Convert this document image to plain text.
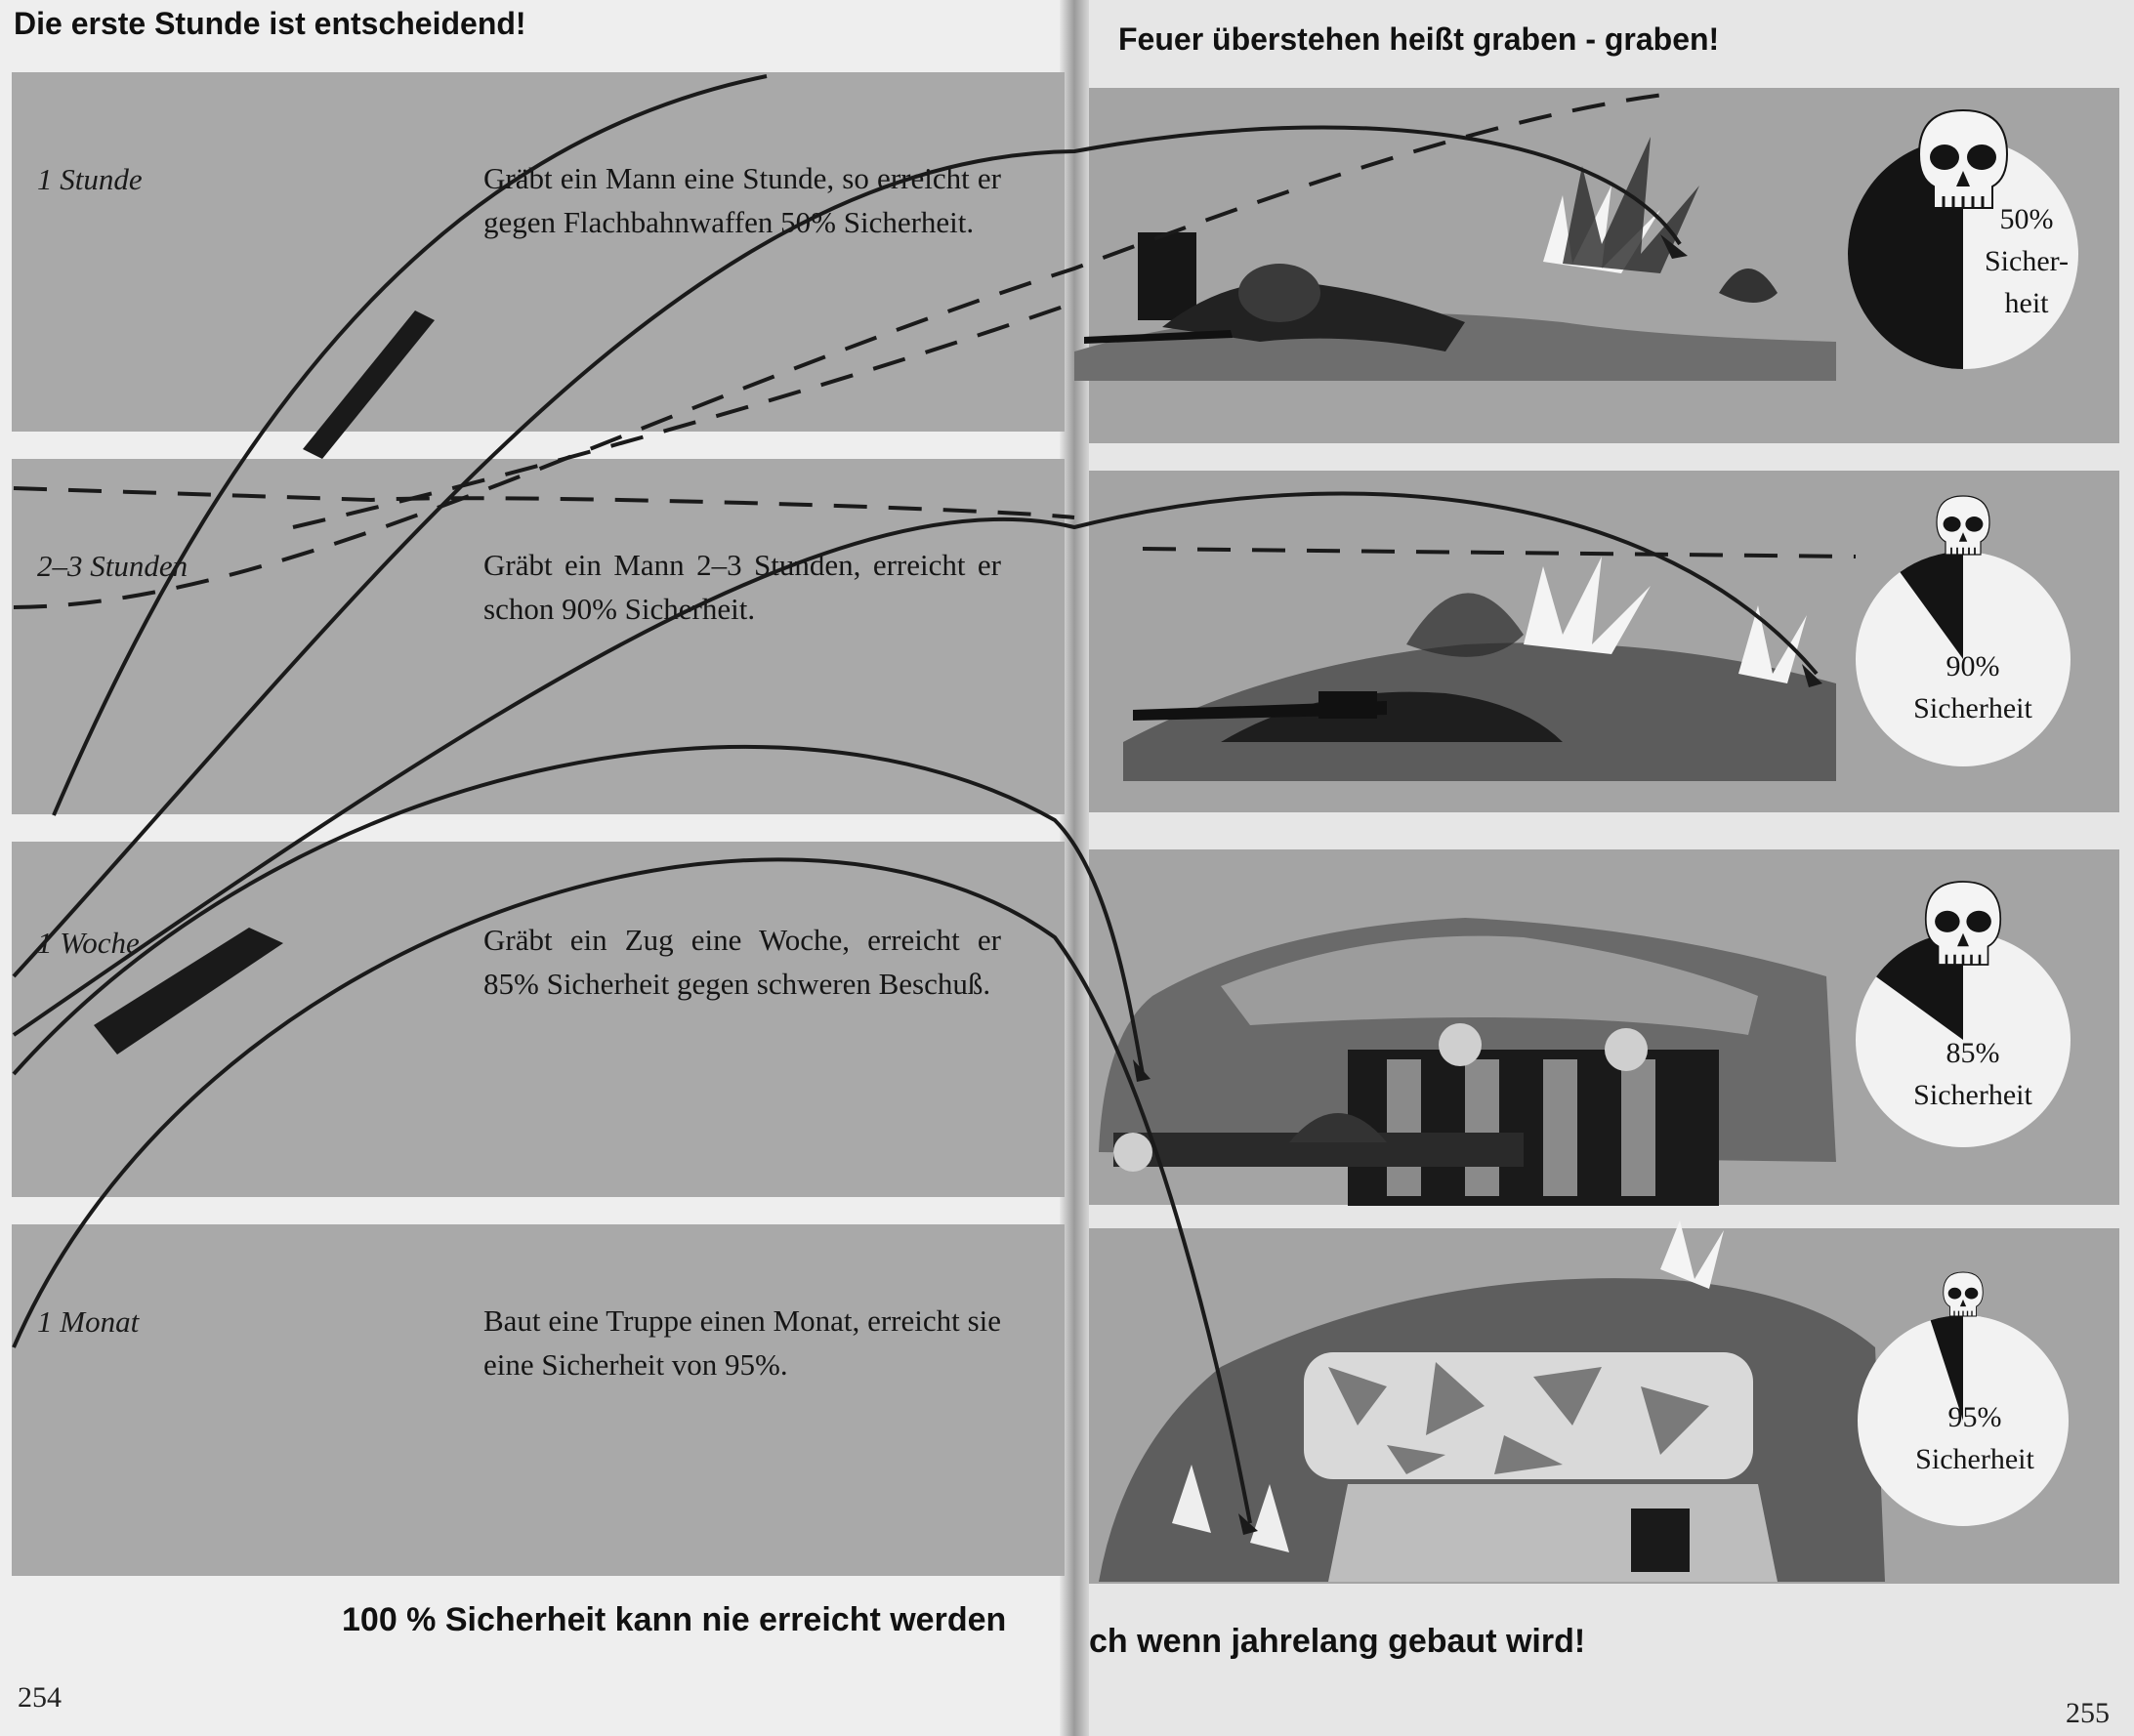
Die erste Stunde ist entscheidend!	Feuer überstehen heißt graben - graben!
1 Stunde	Gräbt ein Mann eine Stunde, so erreicht er gegen Flachbahnwaffen 50% Sicherheit.
2–3 Stunden	Gräbt ein Mann 2–3 Stunden, erreicht er schon 90% Sicherheit.
1 Woche	Gräbt ein Zug eine Woche, erreicht er 85% Sicherheit gegen schweren Beschuß.
1 Monat	Baut eine Truppe einen Monat, erreicht sie eine Sicherheit von 95%.
50%
Sicher-
heit
90%
Sicherheit
85%
Sicherheit
95%
Sicherheit
100 % Sicherheit kann nie erreicht werden
ch wenn jahrelang gebaut wird!
254	255
